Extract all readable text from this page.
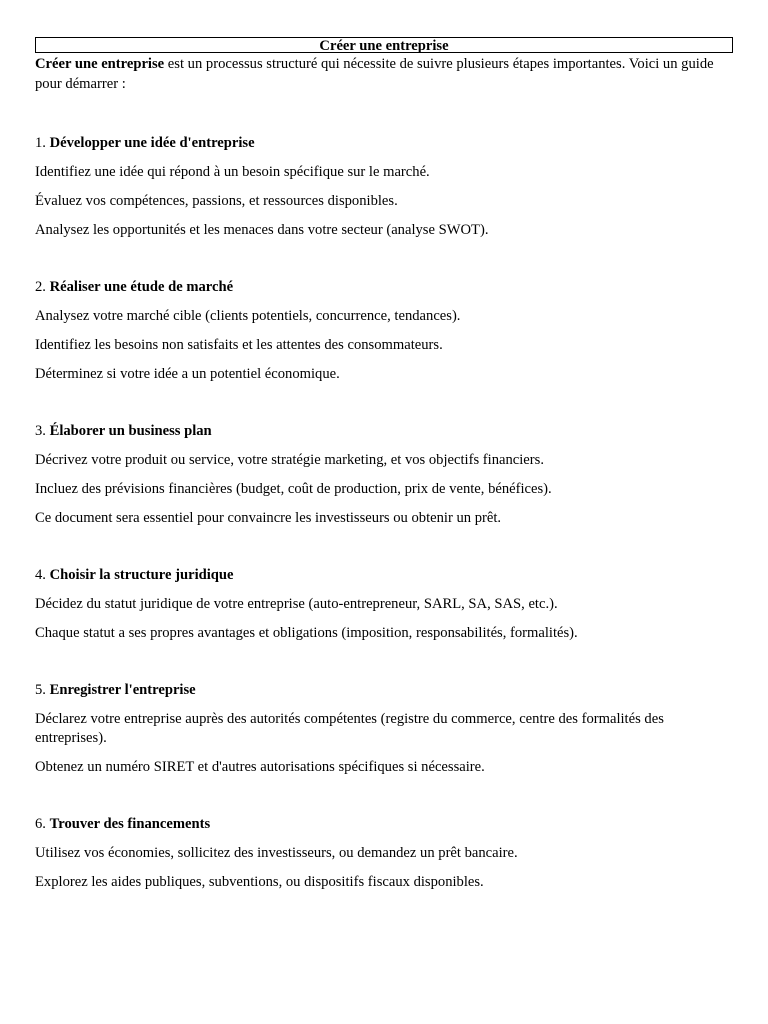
Créer une entreprise

Créer une entreprise est un processus structuré qui nécessite de suivre plusieurs étapes importantes. Voici un guide pour démarrer :

1. Développer une idée d'entreprise

Identifiez une idée qui répond à un besoin spécifique sur le marché.

Évaluez vos compétences, passions, et ressources disponibles.

Analysez les opportunités et les menaces dans votre secteur (analyse SWOT).

2. Réaliser une étude de marché

Analysez votre marché cible (clients potentiels, concurrence, tendances).

Identifiez les besoins non satisfaits et les attentes des consommateurs.

Déterminez si votre idée a un potentiel économique.

3. Élaborer un business plan

Décrivez votre produit ou service, votre stratégie marketing, et vos objectifs financiers.

Incluez des prévisions financières (budget, coût de production, prix de vente, bénéfices).

Ce document sera essentiel pour convaincre les investisseurs ou obtenir un prêt.

4. Choisir la structure juridique

Décidez du statut juridique de votre entreprise (auto-entrepreneur, SARL, SA, SAS, etc.).

Chaque statut a ses propres avantages et obligations (imposition, responsabilités, formalités).

5. Enregistrer l'entreprise

Déclarez votre entreprise auprès des autorités compétentes (registre du commerce, centre des formalités des entreprises).

Obtenez un numéro SIRET et d'autres autorisations spécifiques si nécessaire.

6. Trouver des financements

Utilisez vos économies, sollicitez des investisseurs, ou demandez un prêt bancaire.

Explorez les aides publiques, subventions, ou dispositifs fiscaux disponibles.
